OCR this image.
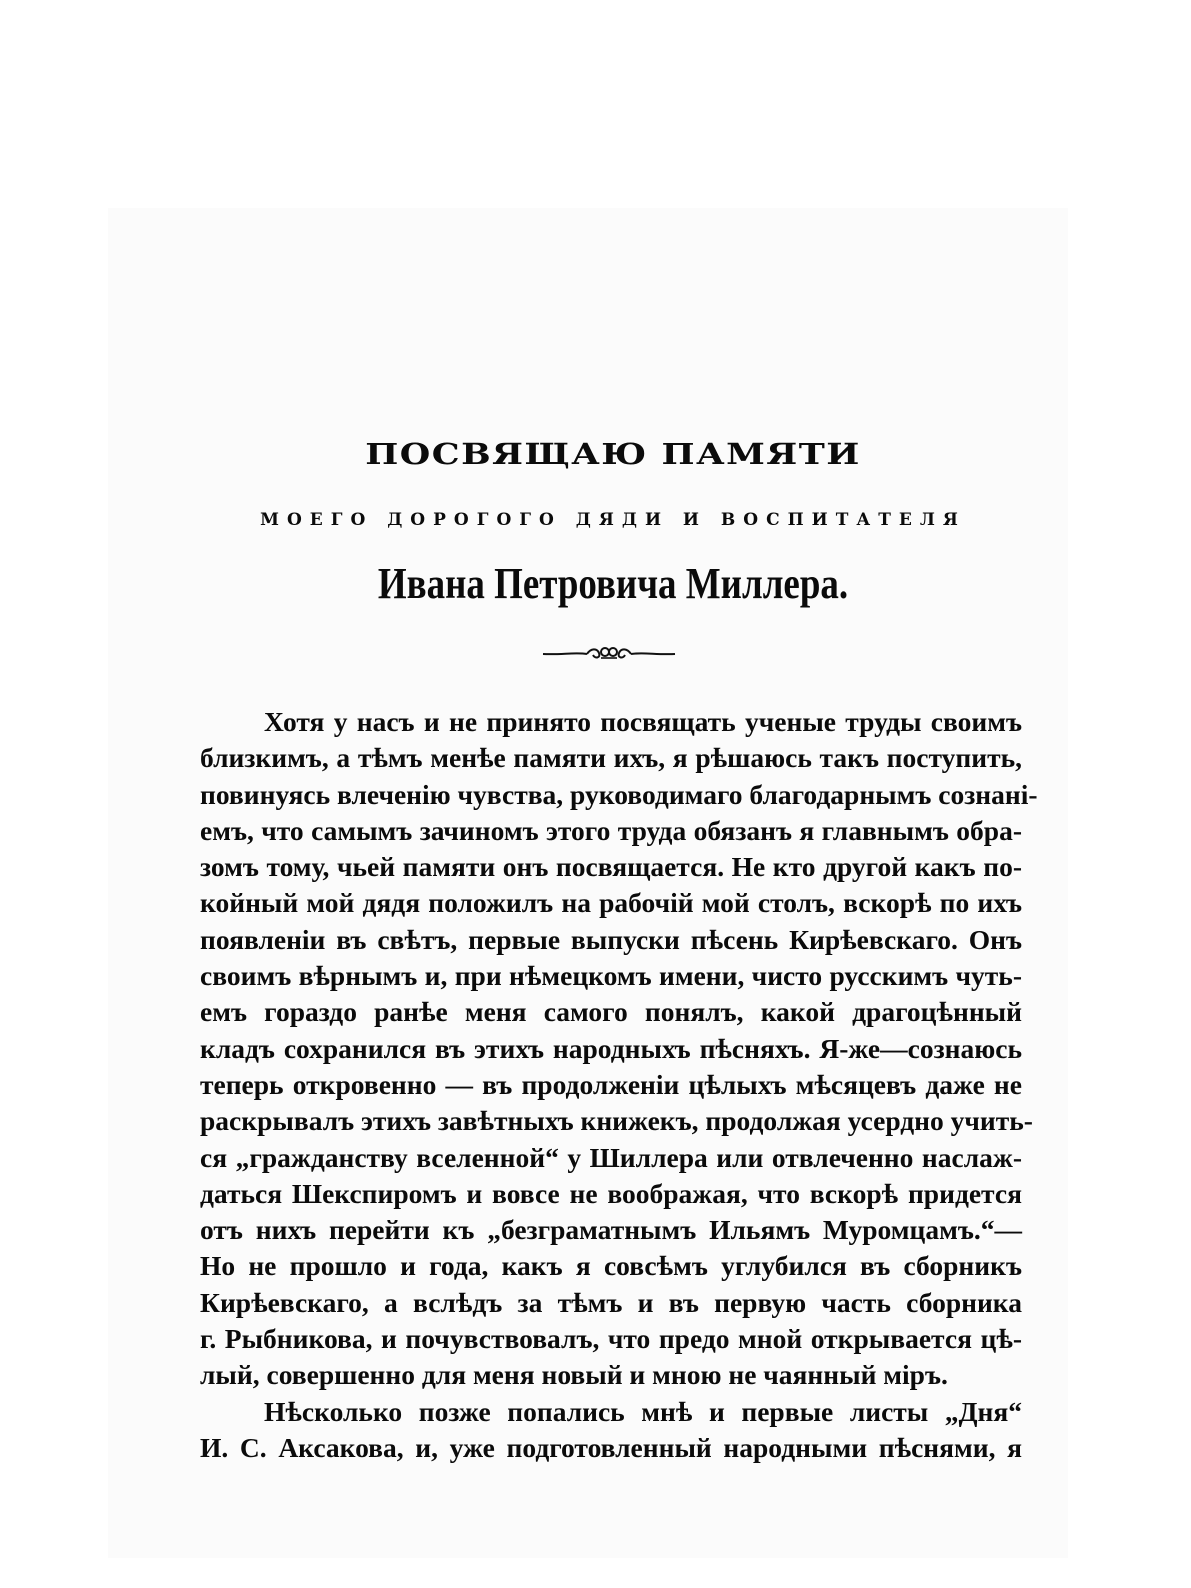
ПОСВЯЩАЮ ПАМЯТИ
МОЕГО ДОРОГОГО ДЯДИ И ВОСПИТАТЕЛЯ
Ивана Петровича Миллера.
Хотя у насъ и не принято посвящать ученые труды своимъ
близкимъ, а тѣмъ менѣе памяти ихъ, я рѣшаюсь такъ поступить,
повинуясь влеченію чувства, руководимаго благодарнымъ сознані-
емъ, что самымъ зачиномъ этого труда обязанъ я главнымъ обра-
зомъ тому, чьей памяти онъ посвящается. Не кто другой какъ по-
койный мой дядя положилъ на рабочій мой столъ, вскорѣ по ихъ
появленіи въ свѣтъ, первые выпуски пѣсень Кирѣевскаго. Онъ
своимъ вѣрнымъ и, при нѣмецкомъ имени, чисто русскимъ чуть-
емъ гораздо ранѣе меня самого понялъ, какой драгоцѣнный
кладъ сохранился въ этихъ народныхъ пѣсняхъ. Я-же—сознаюсь
теперь откровенно — въ продолженіи цѣлыхъ мѣсяцевъ даже не
раскрывалъ этихъ завѣтныхъ книжекъ, продолжая усердно учить-
ся „гражданству вселенной“ у Шиллера или отвлеченно наслаж-
даться Шекспиромъ и вовсе не воображая, что вскорѣ придется
отъ нихъ перейти къ „безграматнымъ Ильямъ Муромцамъ.“—
Но не прошло и года, какъ я совсѣмъ углубился въ сборникъ
Кирѣевскаго, а вслѣдъ за тѣмъ и въ первую часть сборника
г. Рыбникова, и почувствовалъ, что предо мной открывается цѣ-
лый, совершенно для меня новый и мною не чаянный міръ.
Нѣсколько позже попались мнѣ и первые листы „Дня“
И. С. Аксакова, и, уже подготовленный народными пѣснями, я
